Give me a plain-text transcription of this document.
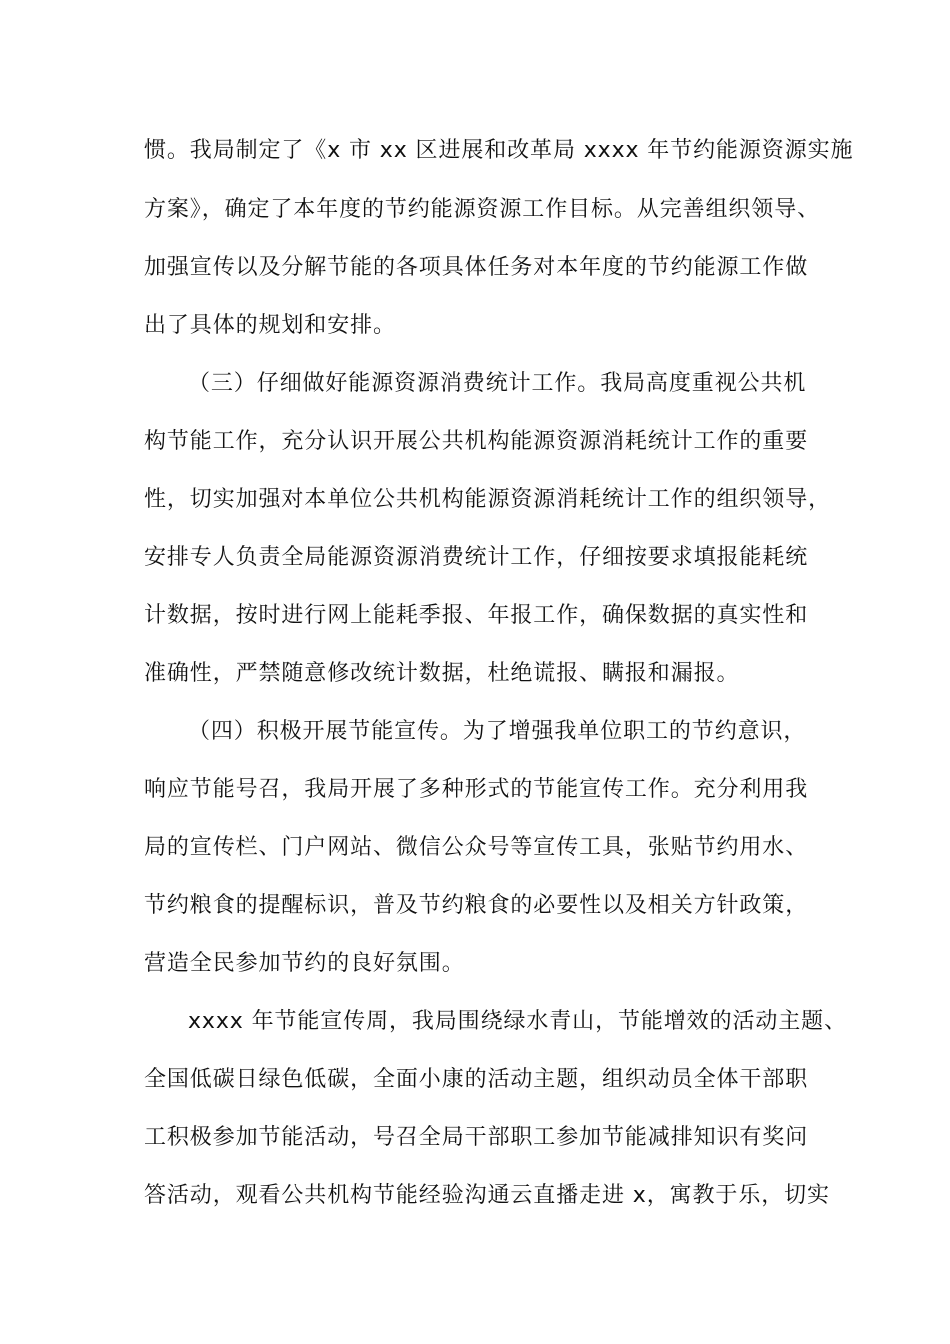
惯。我局制定了《x 市 xx 区进展和改革局 xxxx 年节约能源资源实施

方案》，确定了本年度的节约能源资源工作目标。从完善组织领导、

加强宣传以及分解节能的各项具体任务对本年度的节约能源工作做

出了具体的规划和安排。

（三）仔细做好能源资源消费统计工作。我局高度重视公共机

构节能工作，充分认识开展公共机构能源资源消耗统计工作的重要

性，切实加强对本单位公共机构能源资源消耗统计工作的组织领导，

安排专人负责全局能源资源消费统计工作，仔细按要求填报能耗统

计数据，按时进行网上能耗季报、年报工作，确保数据的真实性和

准确性，严禁随意修改统计数据，杜绝谎报、瞒报和漏报。

（四）积极开展节能宣传。为了增强我单位职工的节约意识，

响应节能号召，我局开展了多种形式的节能宣传工作。充分利用我

局的宣传栏、门户网站、微信公众号等宣传工具，张贴节约用水、

节约粮食的提醒标识，普及节约粮食的必要性以及相关方针政策，

营造全民参加节约的良好氛围。

xxxx 年节能宣传周，我局围绕绿水青山，节能增效的活动主题、

全国低碳日绿色低碳，全面小康的活动主题，组织动员全体干部职

工积极参加节能活动，号召全局干部职工参加节能减排知识有奖问

答活动，观看公共机构节能经验沟通云直播走进 x，寓教于乐，切实
